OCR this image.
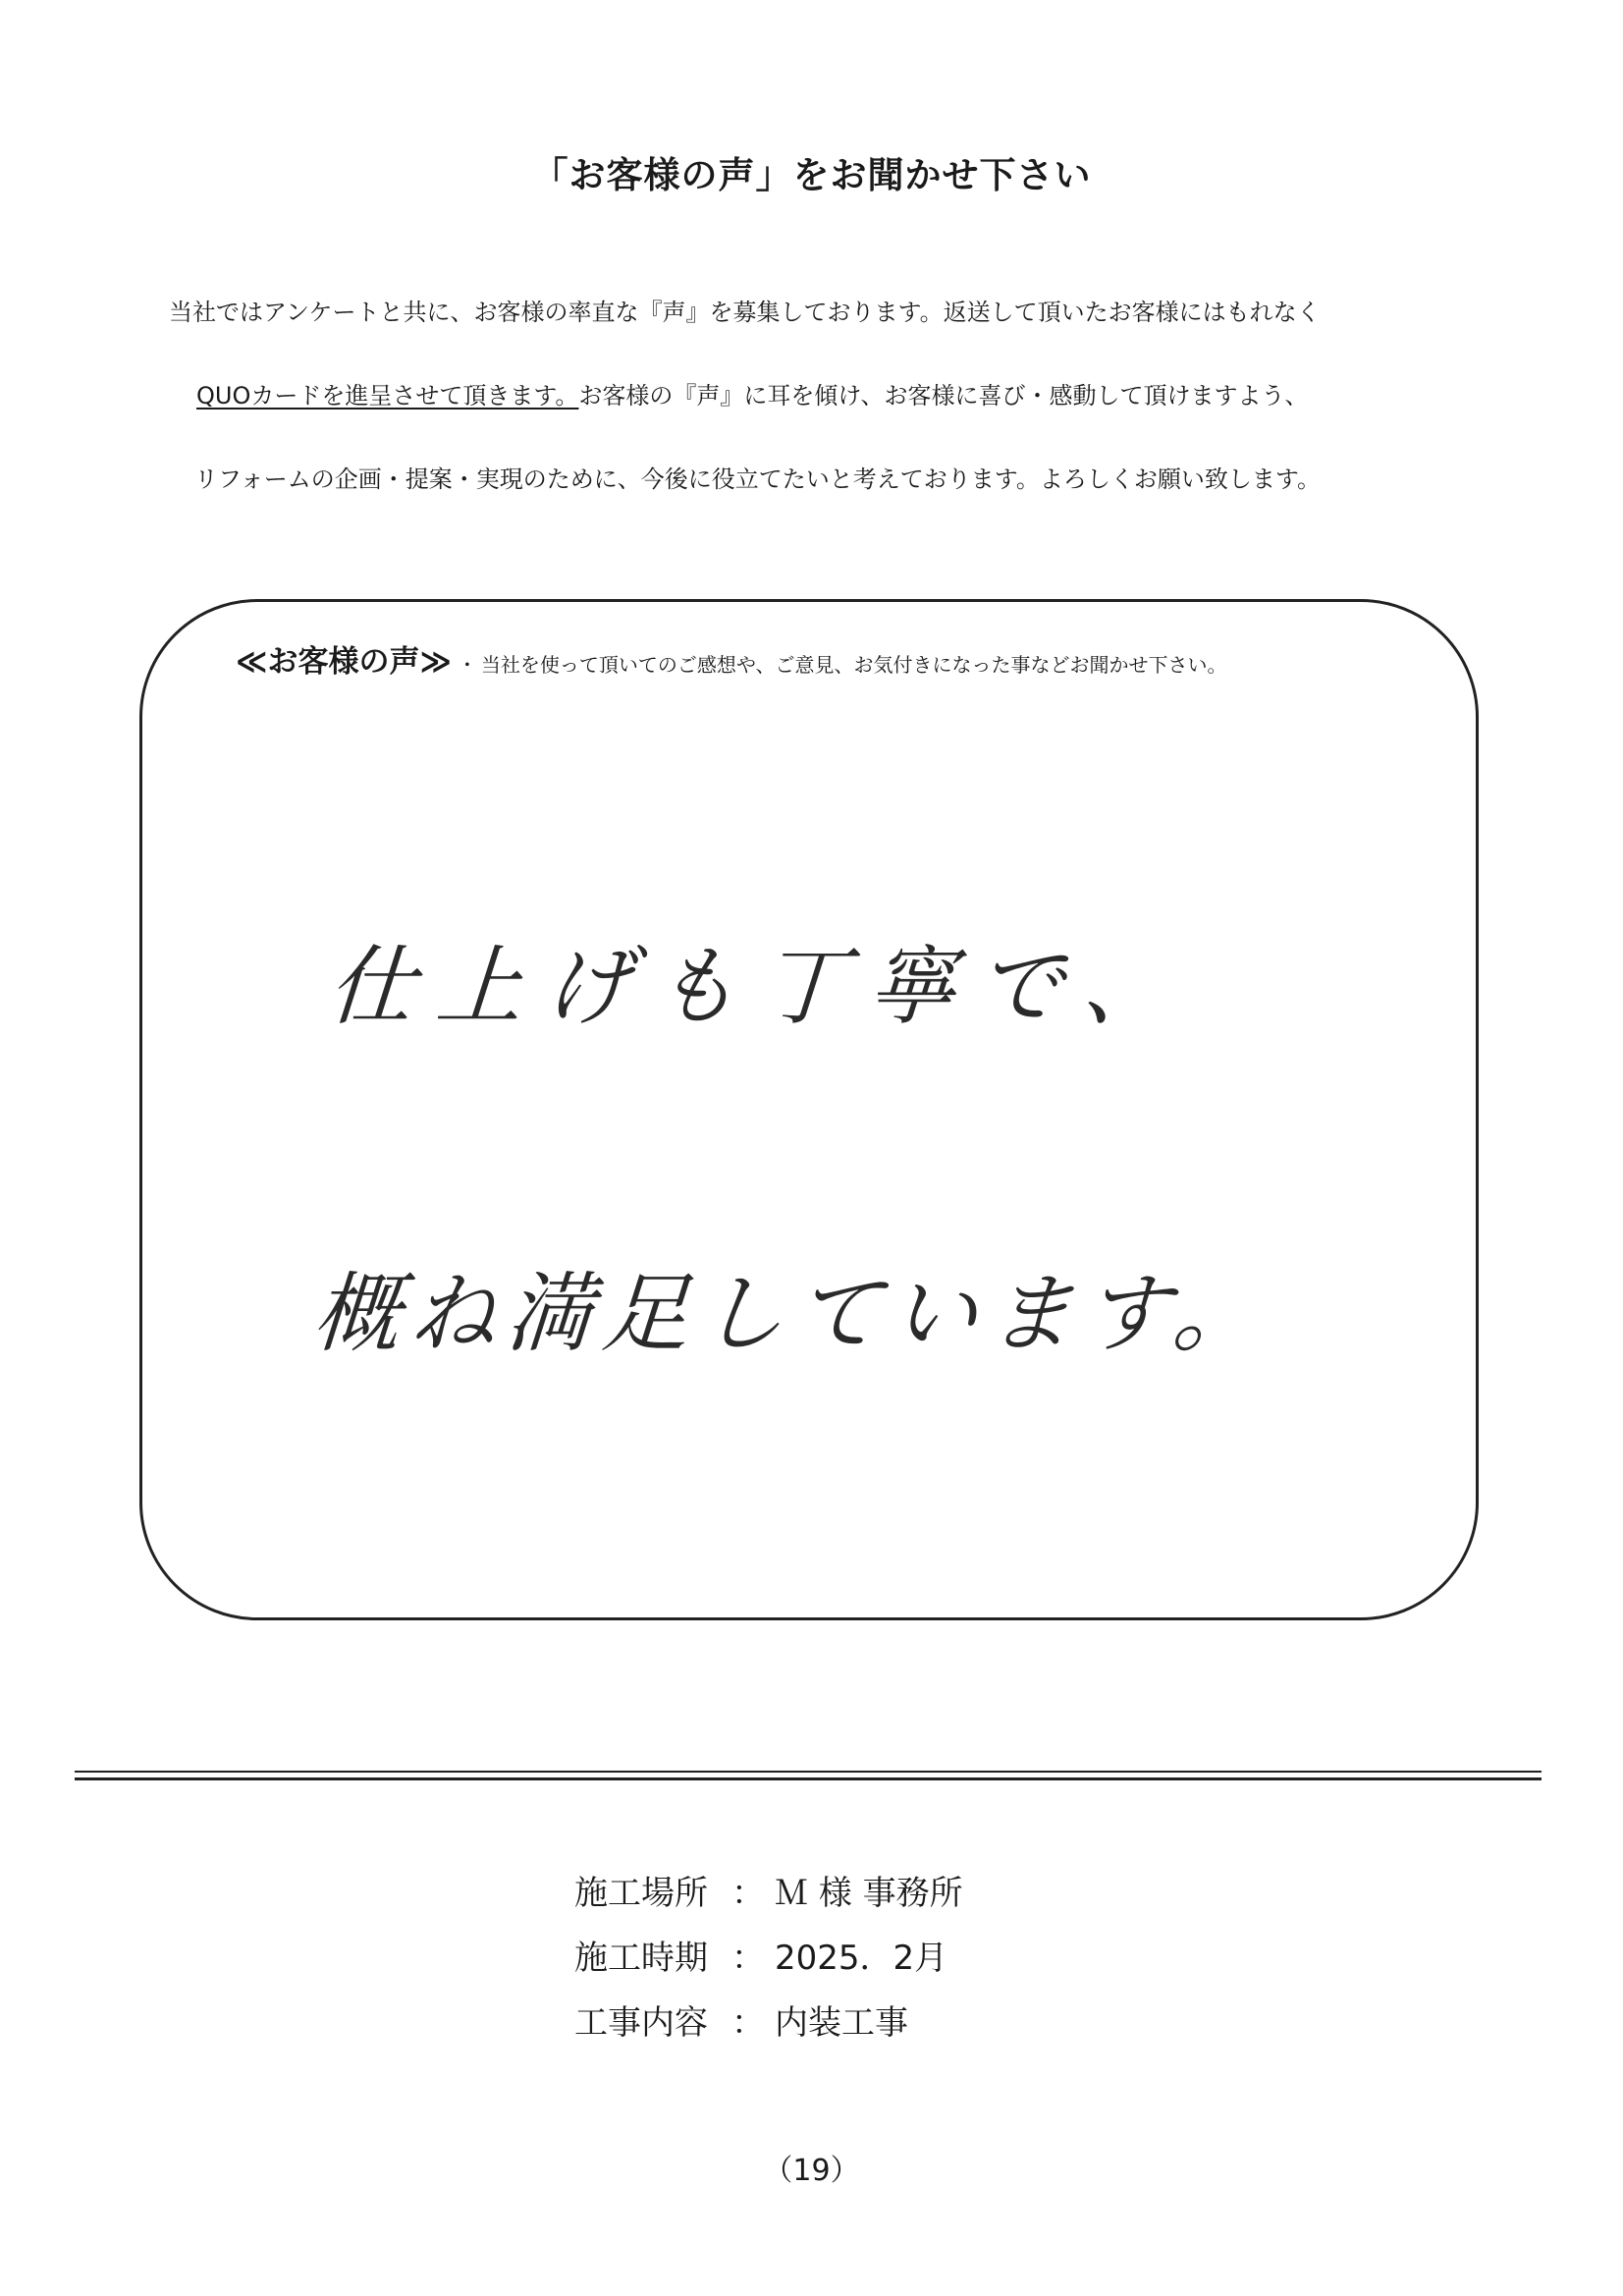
「お客様の声」をお聞かせ下さい
当社ではアンケートと共に、お客様の率直な『声』を募集しております。返送して頂いたお客様にはもれなく
QUOカードを進呈させて頂きます。お客様の『声』に耳を傾け、お客様に喜び・感動して頂けますよう、
リフォームの企画・提案・実現のために、今後に役立てたいと考えております。よろしくお願い致します。
≪お客様の声≫ ・ 当社を使って頂いてのご感想や、ご意見、お気付きになった事などお聞かせ下さい。
仕上げも丁寧で、
概ね満足しています。
施工場所 ： Ｍ 様 事務所
施工時期 ： 2025．2月
工事内容 ： 内装工事
（19）
